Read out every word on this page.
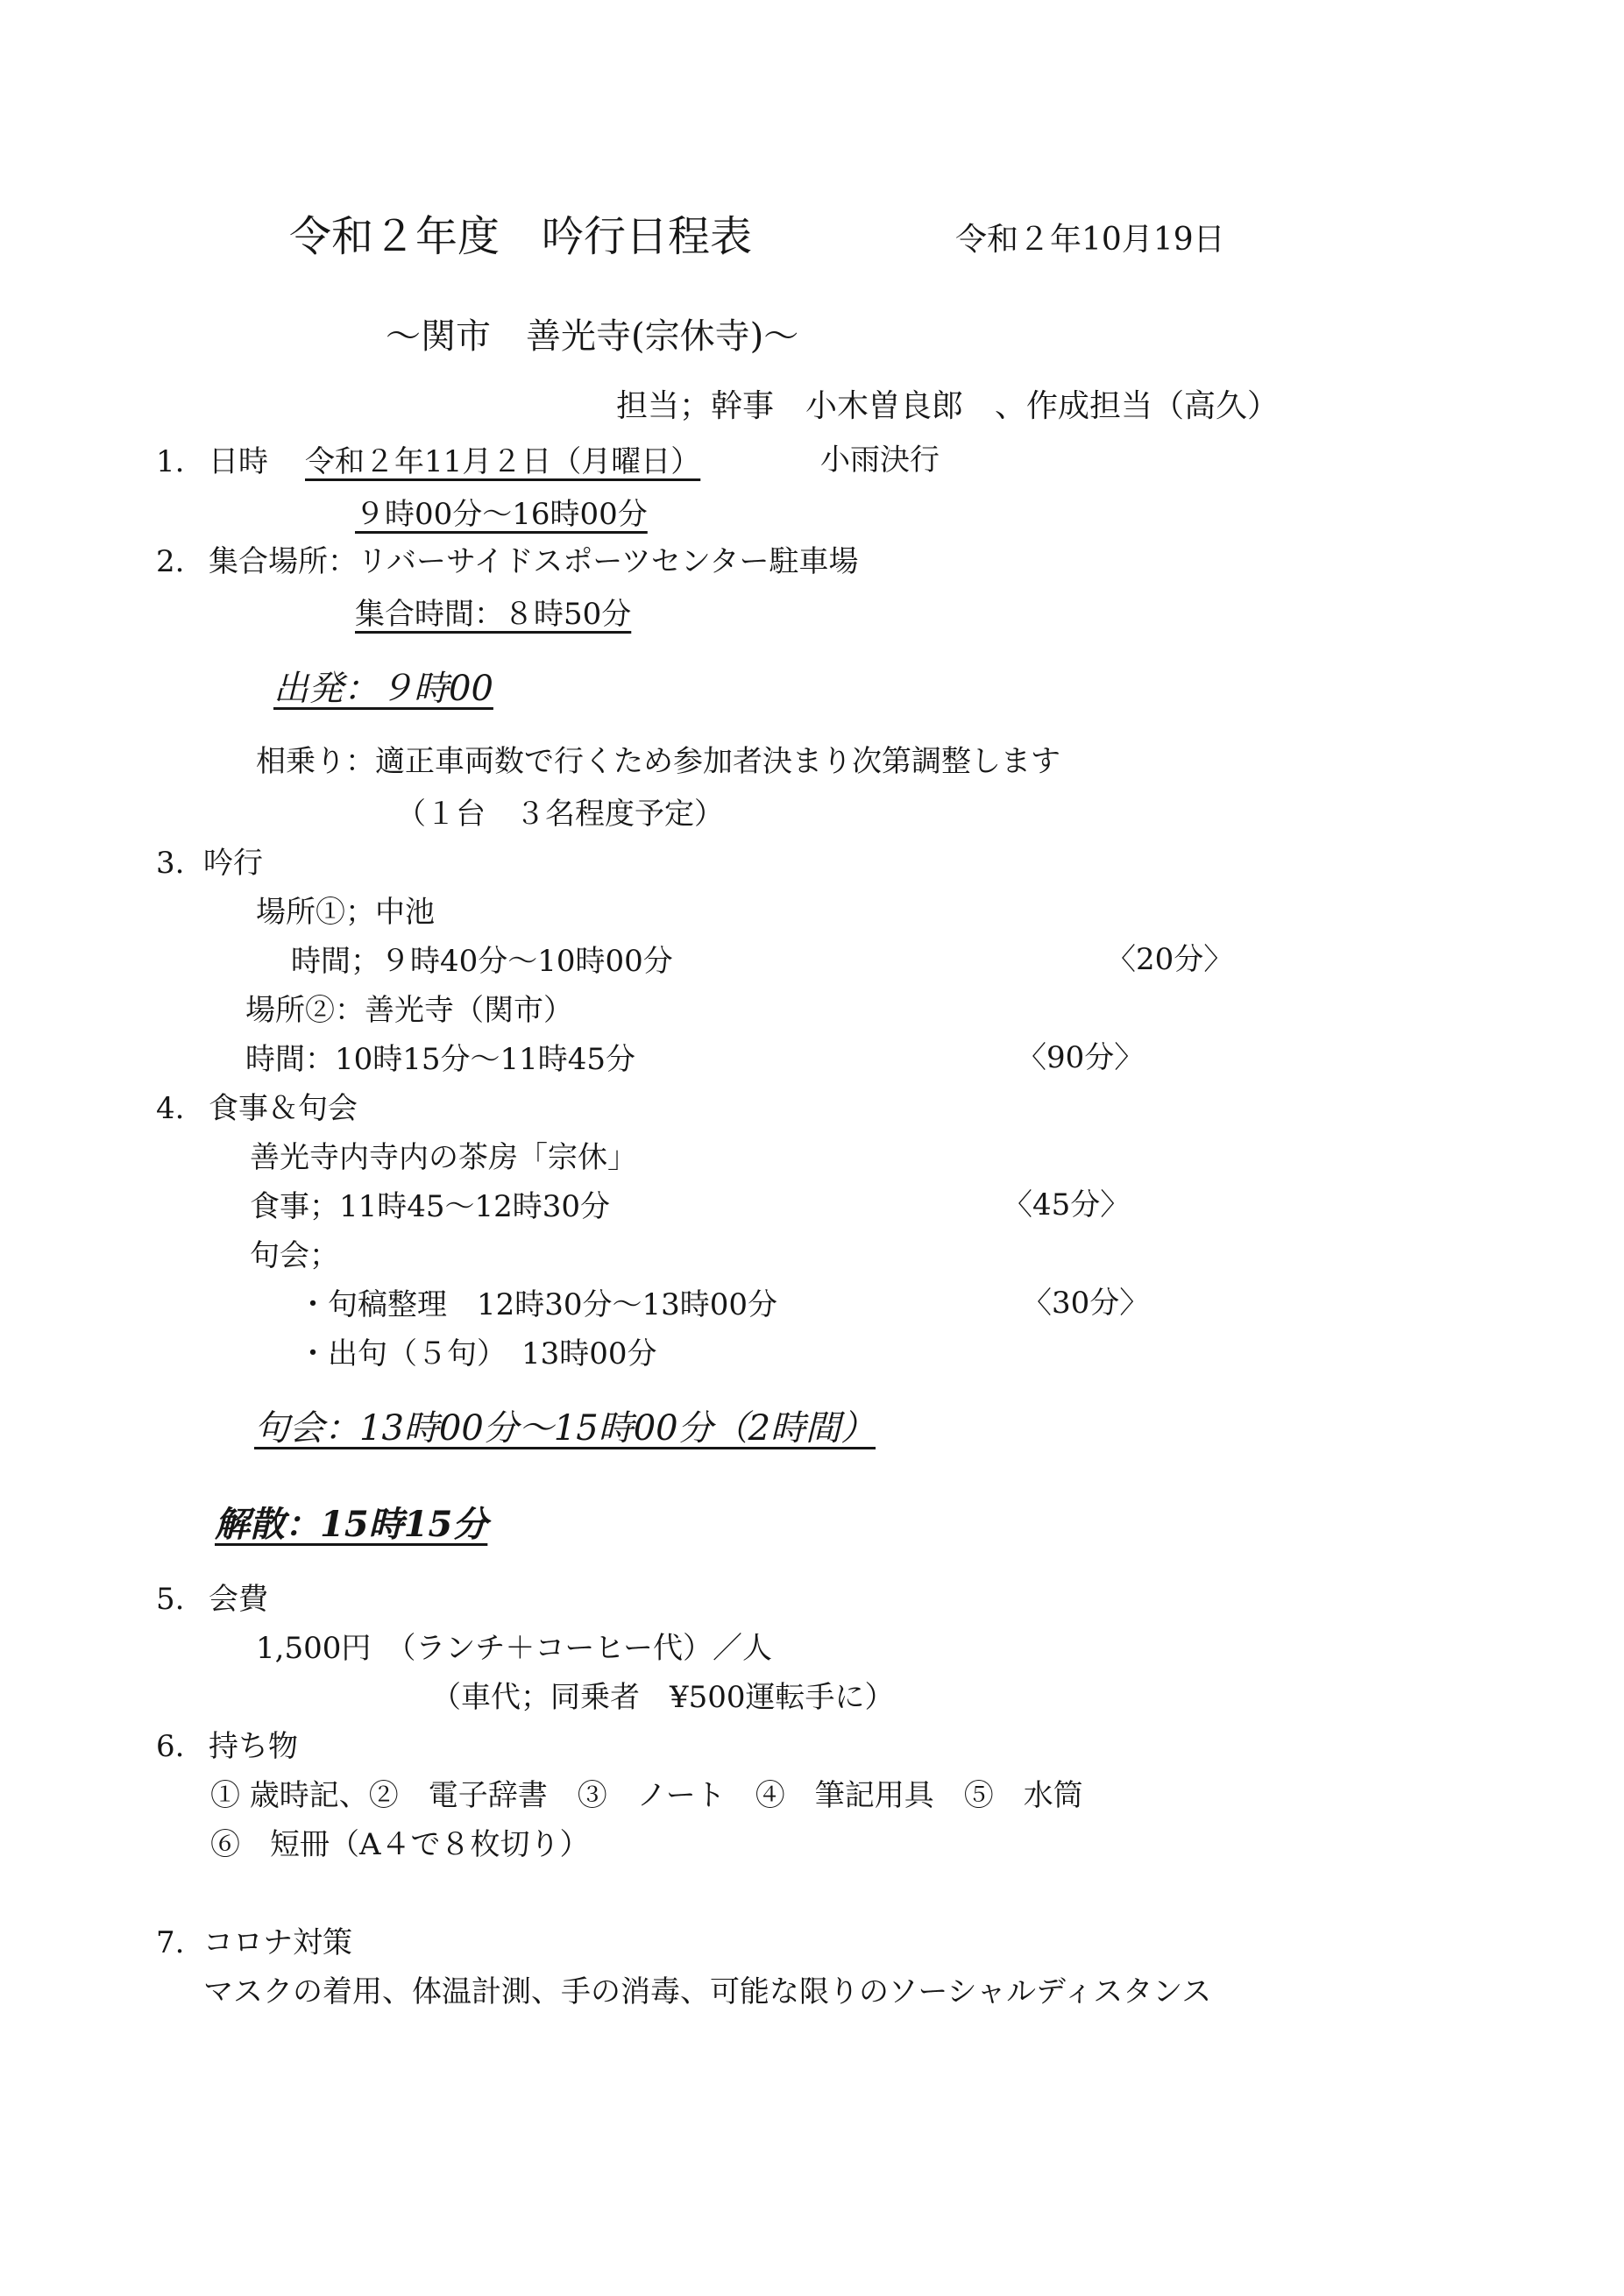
令和２年度　吟行日程表	令和２年10月19日
〜関市　善光寺(宗休寺)〜
担当；幹事　小木曽良郎　、作成担当（高久）
1. 日時 令和２年11月２日（月曜日）	小雨決行
９時00分〜16時00分
2. 集合場所：リバーサイドスポーツセンター駐車場
集合時間：８時50分
出発：９時00
相乗り：適正車両数で行くため参加者決まり次第調整します
（１台　３名程度予定）
3. 吟行
場所①；中池
時間；９時40分〜10時00分	〈20分〉
場所②：善光寺（関市）
時間：10時15分〜11時45分	〈90分〉
4. 食事＆句会
善光寺内寺内の茶房「宗休」
食事；11時45〜12時30分	〈45分〉
句会；
・句稿整理　12時30分〜13時00分	〈30分〉
・出句（５句）　13時00分
句会：13時00分〜15時00分（2時間）
解散：15時15分
5. 会費
1,500円　（ランチ＋コーヒー代）／人
（車代；同乗者　¥500運転手に）
6. 持ち物
① 歳時記、②　電子辞書　③　ノート　④　筆記用具　⑤　水筒
⑥　短冊（A４で８枚切り）
7. コロナ対策
マスクの着用、体温計測、手の消毒、可能な限りのソーシャルディスタンス
